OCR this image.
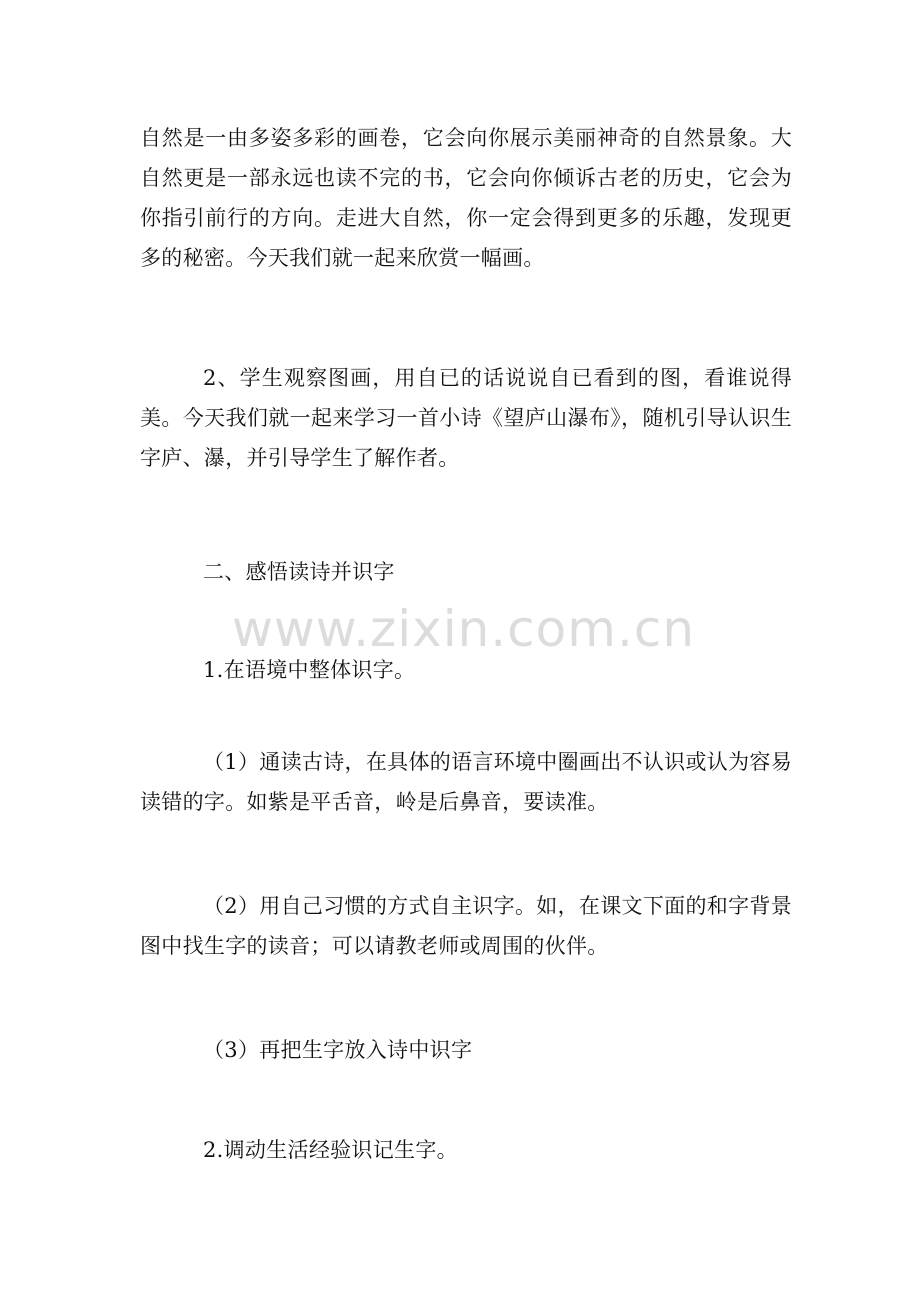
自然是一由多姿多彩的画卷，它会向你展示美丽神奇的自然景象。大自然更是一部永远也读不完的书，它会向你倾诉古老的历史，它会为你指引前行的方向。走进大自然，你一定会得到更多的乐趣，发现更多的秘密。今天我们就一起来欣赏一幅画。

2、学生观察图画，用自已的话说说自已看到的图，看谁说得美。今天我们就一起来学习一首小诗《望庐山瀑布》，随机引导认识生字庐、瀑，并引导学生了解作者。

二、感悟读诗并识字

1.在语境中整体识字。

（1）通读古诗，在具体的语言环境中圈画出不认识或认为容易读错的字。如紫是平舌音，岭是后鼻音，要读准。

（2）用自己习惯的方式自主识字。如，在课文下面的和字背景图中找生字的读音；可以请教老师或周围的伙伴。

（3）再把生字放入诗中识字

2.调动生活经验识记生字。

www.zixin.com.cn
